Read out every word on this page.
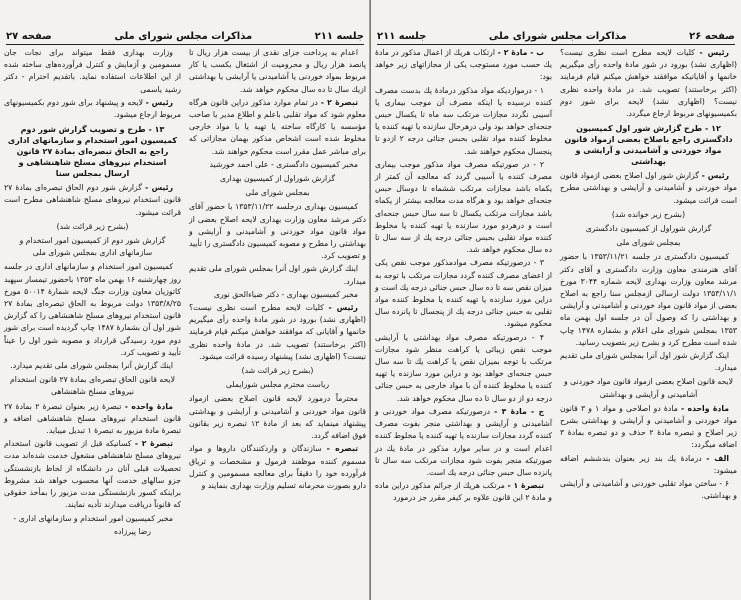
صفحه ۲۷	مذاکرات مجلس شورای ملی	جلسه ۲۱۱
اعدام به پرداخت جزای نقدی از بیست هزار ریال تا پانصد هزار ریال و محرومیت از اشتغال بکسب یا کار مربوط بمواد خوردنی یا آشامیدنی یا آرایشی یا بهداشتی ازیك سال تا ده سال محکوم خواهد شد.
تبصرهٔ ۲ - در تمام موارد مذکور دراین قانون هرگاه معلوم شود که مواد تقلبی باعلم و اطلاع مدیر یا صاحب مؤسسه یا کارگاه ساخته یا تهیه یا با مواد خارجی مخلوط شده است اشخاص مذکور بهمان مجازاتی که برای مباشر عمل مقرر است محکوم خواهند شد.
مخبر کمیسیون دادگستری - علی احمد خورشید
گزارش شوراول از کمیسیون بهداری
بمجلس شورای ملی
کمیسیون بهداری درجلسه ۱۳۵۳/۱۱/۲۲ با حضور آقای دکتر مرشد معاون وزارت بهداری لایحه اصلاح بعضی از مواد قانون مواد خوردنی و آشامیدنی و آرایشی و بهداشتی را مطرح و مصوبه کمیسیون دادگستری را تأیید و تصویب کرد.
اینك گزارش شور اول آنرا بمجلس شورای ملی تقدیم میدارد.
مخبر کمیسیون بهداری - دکتر ضیاءالحق نوری
رئیس - کلیات لایحه مطرح است نظری نیست؟ (اظهاری نشد) بورود در شور مادهٔ واحده رأی میگیریم خانمها و آقایانی که موافقند خواهش میکنم قیام فرمایند (اکثر برخاستند) تصویب شد. در مادهٔ واحده نظری نیست؟ (اظهاری نشد) پیشنهاد رسیده قرائت میشود.
(بشرح زیر قرائت شد)
ریاست محترم مجلس شورایملی
محترماً درمورد لایحه قانون اصلاح بعضی ازمواد قانون مواد خوردنی و آشامیدنی و آرایشی و بهداشتی پیشنهاد مینماید که بعد از مادهٔ ۱۲ تبصره زیر بقانون فوق اضافه گردد.
تبصره - سازندگان و واردکنندگان داروها و مواد مسموم کننده موظفند فرمول و مشخصات و تریاق فرآورده خود را دقیقاً برای معالجه مسمومین و کنترل دارو بصورت محرمانه تسلیم وزارت بهداری بنمایند و
وزارت بهداری فقط میتواند برای نجات جان مسمومین و آزمایش و کنترل فرآورده‌های ساخته شده از این اطلاعات استفاده نماید. باتقدیم احترام - دکتر رشید یاسمی
رئیس - لایحه و پیشنهاد برای شور دوم بکمیسیونهای مربوط ارجاع میشود.
۱۳ - طرح و تصویب گزارش شور دوم کمیسیون امور استخدام و سازمانهای اداری راجع به الحاق تبصره‌ای بمادهٔ ۲۷ قانون استخدام نیروهای مسلح شاهنشاهی و ارسال بمجلس سنا
رئیس - گزارش شور دوم الحاق تبصره‌ای بمادهٔ ۲۷ قانون استخدام نیروهای مسلح شاهنشاهی مطرح است قرائت میشود.
(بشرح زیر قرائت شد)
گزارش شور دوم از کمیسیون امور استخدام و سازمانهای اداری بمجلس شورای ملی
کمیسیون امور استخدام و سازمانهای اداری در جلسه روز چهارشنبه ۱۶ بهمن ماه ۱۳۵۳ باحضور تیمسار سپهبد کاتوزیان معاون وزارت جنگ لایحه شمارهٔ ۵۰۰۱۴ مورخ ۱۳۵۳/۸/۲۵ دولت مربوط به الحاق تبصره‌ای بمادهٔ ۲۷ قانون استخدام نیروهای مسلح شاهنشاهی را که گزارش شور اول آن بشمارهٔ ۱۴۸۷ چاپ گردیده است برای شور دوم مورد رسیدگی قرارداد و مصوبه شور اول را عیناً تأیید و تصویب کرد.
اینك گزارش آنرا بمجلس شورای ملی تقدیم میدارد.
لایحه قانون الحاق تبصره‌ای بمادهٔ ۲۷ قانون استخدام نیروهای مسلح شاهنشاهی
مادهٔ واحده - تبصرهٔ زیر بعنوان تبصرهٔ ۲ بمادهٔ ۲۷ قانون استخدام نیروهای مسلح شاهنشاهی اضافه و تبصرهٔ مادهٔ مزبور به تبصرهٔ ۱ تبدیل میباید.
تبصرهٔ ۲ - کسانیکه قبل از تصویب قانون استخدام نیروهای مسلح شاهنشاهی مشغول خدمت شده‌اند مدت تحصیلات قبلی آنان در دانشگاه از لحاظ بازنشستگی جزو سالهای خدمت آنها محسوب خواهد شد مشروط براینکه کسور بازنشستگی مدت مزبور را بمأخذ حقوقی که قانوناً دریافت میدارند تأدیه نمایند.
مخبر کمیسیون امور استخدام و سازمانهای اداری -
رضا پیرزاده
جلسه ۲۱۱	مذاکرات مجلس شورای ملی	صفحه ۲۶
رئیس - کلیات لایحه مطرح است نظری نیست؟ (اظهاری نشد) بورود در شور مادهٔ واحده رأی میگیریم خانمها و آقایانیکه موافقند خواهش میکنم قیام فرمایند (اکثر برخاستند) تصویب شد. در مادهٔ واحده نظری نیست؟ (اظهاری نشد) لایحه برای شور دوم بکمیسیونهای مربوط ارجاع میگردد.
۱۲ - طرح گزارش شور اول کمیسیون دادگستری راجع باصلاح بعضی ازمواد قانون مواد خوردنی و آشامیدنی و آرایشی و بهداشتی
رئیس - گزارش شور اول اصلاح بعضی ازمواد قانون مواد خوردنی و آشامیدنی و آرایشی و بهداشتی مطرح است قرائت میشود.
(بشرح زیر خوانده شد)
گزارش شوراول از کمیسیون دادگستری
بمجلس شورای ملی
کمیسیون دادگستری در جلسه ۱۳۵۳/۱۱/۲۱ با حضور آقای هنرمندی معاون وزارت دادگستری و آقای دکتر مرشد معاون وزارت بهداری لایحه شماره ۳۰۴۴ مورخ ۱۳۵۳/۱۱/۱ دولت ارسالی ازمجلس سنا راجع به اصلاح بعضی از مواد قانون مواد خوردنی و آشامیدنی و آرایشی و بهداشتی را که وصول آن در جلسه اول بهمن ماه ۱۳۵۳ بمجلس شورای ملی اعلام و بشماره ۱۴۷۸ چاپ شده است مطرح کرد و بشرح زیر بتصویب رسانید.
اینک گزارش شور اول آنرا بمجلس شورای ملی تقدیم میدارد.
لایحه قانون اصلاح بعضی ازمواد قانون مواد خوردنی و آشامیدنی و آرایشی و بهداشتی
مادهٔ واحده - مادهٔ دو اصلاحی و مواد ۱ و ۳ قانون مواد خوردنی و آشامیدنی و آرایشی و بهداشتی بشرح زیر اصلاح و تبصره مادهٔ ۲ حذف و دو تبصره بمادهٔ ۳ اضافه میگردد:
الف - درمادهٔ یك بند زیر بعنوان بندششم اضافه میشود:
۶ - ساختن مواد تقلبی خوردنی و آشامیدنی و آرایشی و بهداشتی.
ب - مادهٔ ۲ - ارتکاب هریك از اعمال مذکور در مادهٔ یك حسب مورد مستوجب یکی از مجازاتهای زیر خواهد بود:
۱ - درمواردیکه مواد مذکور درمادهٔ یك بدست مصرف کننده نرسیده یا اینکه مصرف آن موجب بیماری یا آسیبی نگردد مجازات مرتکب سه ماه تا یکسال حبس جنحه‌ای خواهد بود ولی درهرحال سازنده یا تهیه کننده یا مخلوط کننده مواد تقلبی بحبس جنائی درجه ۲ ازدو تا پنجسال محکوم خواهند شد.
۲ - در صورتیکه مصرف مواد مذکور موجب بیماری مصرف کننده یا آسیبی گردد که معالجه آن کمتر از یکماه باشد مجازات مرتکب ششماه تا دوسال حبس جنحه‌ای خواهد بود و هرگاه مدت معالجه بیشتر از یکماه باشد مجازات مرتکب یکسال تا سه سال حبس جنحه‌ای است و درهردو مورد سازنده یا تهیه کننده یا مخلوط کننده مواد تقلبی بحبس جنائی درجه یك از سه سال تا ده سال محکوم خواهد شد.
۳ - درصورتیکه مصرف موادمذکور موجب نقص یکی از اعضای مصرف کننده گردد مجازات مرتکب با توجه به میزان نقص سه تا ده سال حبس جنائی درجه یك است و دراین مورد سازنده یا تهیه کننده یا مخلوط کننده مواد تقلبی به حبس جنائی درجه یك از پنجسال تا پانزده سال محکوم میشود.
۴ - درصورتیکه مصرف مواد بهداشتی یا آرایشی موجب نقص زیبائی یا کراهت منظر شود مجازات مرتکب با توجه بمیزان نقص یا کراهت یك تا سه سال حبس جنحه‌ای خواهد بود و دراین مورد سازنده یا تهیه کننده یا مخلوط کننده آن با مواد خارجی به حبس جنائی درجه دو از دو سال تا ده سال محکوم خواهد شد.
ج - مادهٔ ۳ - درصورتیکه مصرف مواد خوردنی و آشامیدنی و آرایشی و بهداشتی منجر بفوت مصرف کننده گردد مجازات سازنده یا تهیه کننده یا مخلوط کننده اعدام است و در سایر موارد مذکور در مادهٔ یك در صورتیکه منجر بفوت شود مجازات مرتکب سه سال تا پانزده سال حبس جنائی درجه یك است.
تبصرهٔ ۱ - مرتکب هریك از جرائم مذکور دراین ماده و مادهٔ ۲ این قانون علاوه بر کیفر مقرر جز درمورد
